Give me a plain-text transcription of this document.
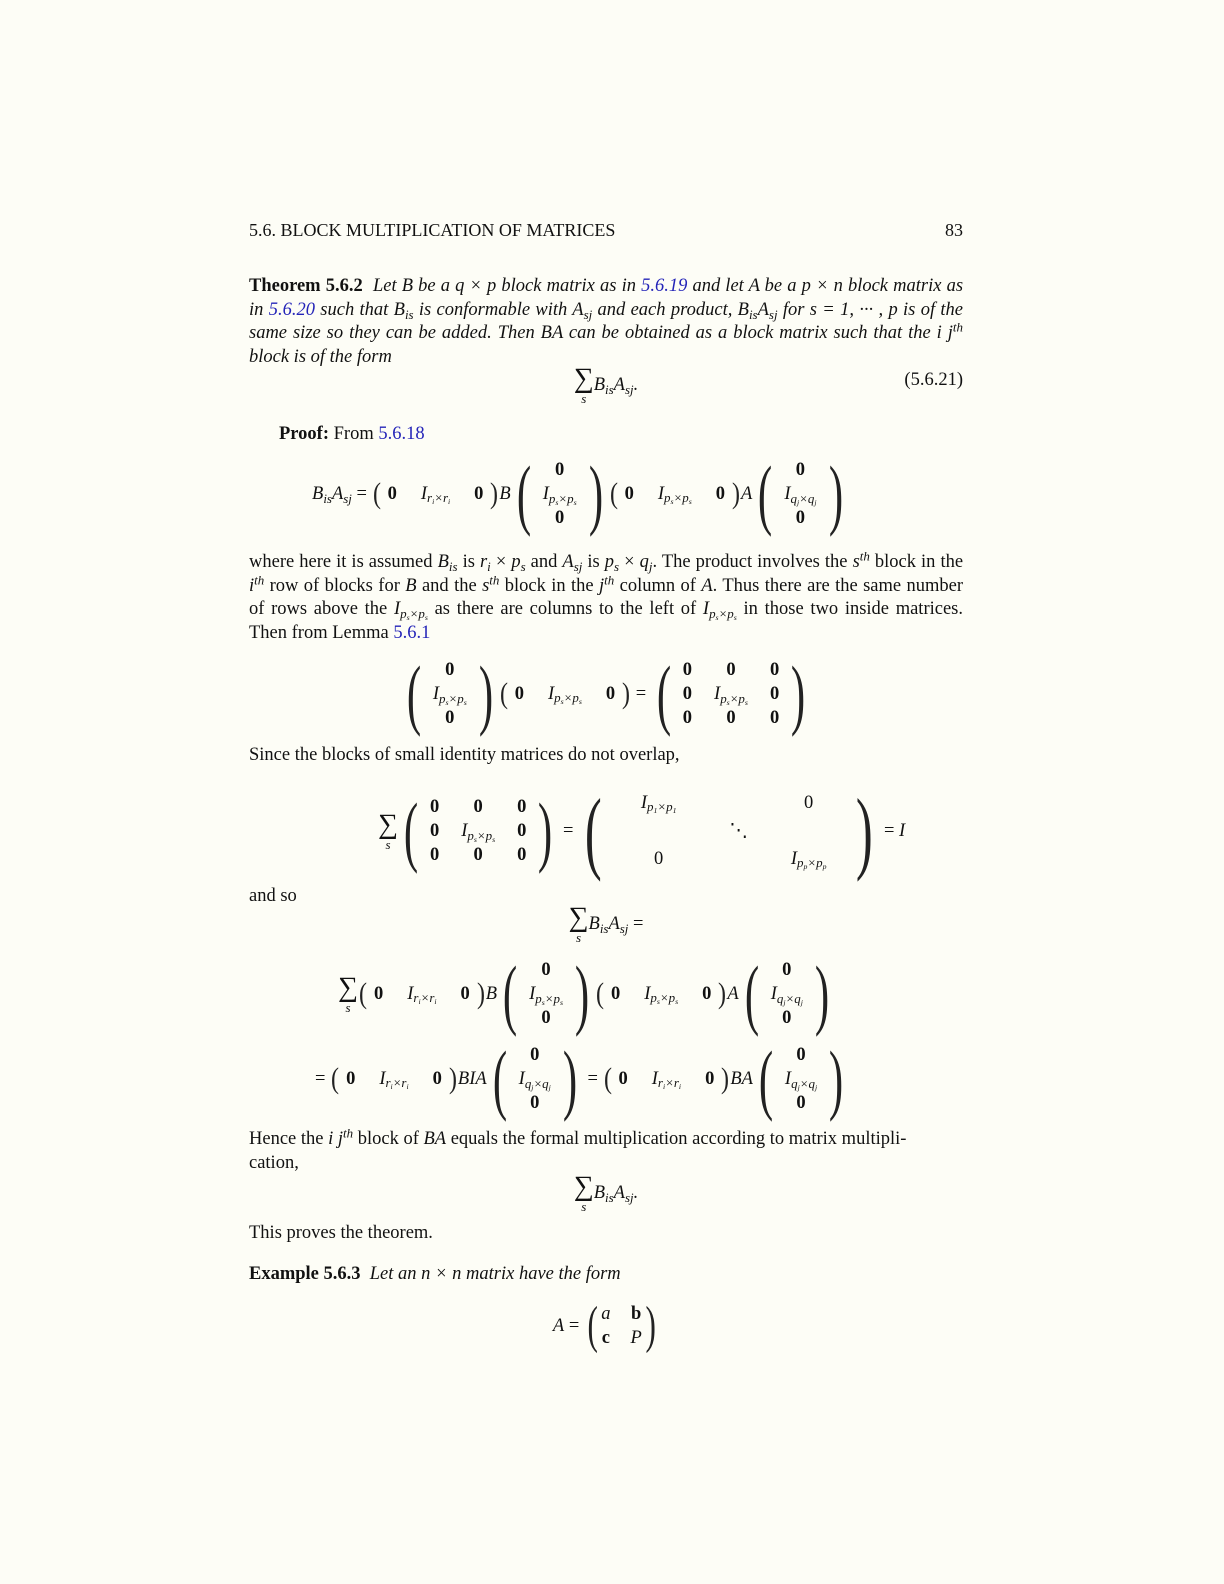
5.6. BLOCK MULTIPLICATION OF MATRICES	83
Theorem 5.6.2 Let B be a q × p block matrix as in 5.6.19 and let A be a p × n block matrix as in 5.6.20 such that $B_{is}$ is conformable with $A_{sj}$ and each product, $B_{is}A_{sj}$ for s = 1, ··· , p is of the same size so they can be added. Then BA can be obtained as a block matrix such that the i $j^{th}$ block is of the form
∑
s
$B_{is}A_{sj}$.	(5.6.21)
Proof: From 5.6.18
$B_{is}A_{sj}$ = ( 0 $I_{ri\times ri}$ 0 ) B ( 0
$I_{ps\times ps}$
0 ) ( 0 $I_{ps\times ps}$ 0 ) A ( 0
$I_{qj\times qj}$
0 )
where here it is assumed $B_{is}$ is $r_i \times p_s$ and $A_{sj}$ is $p_s \times q_j$. The product involves the $s^{th}$ block in the $i^{th}$ row of blocks for B and the $s^{th}$ block in the $j^{th}$ column of A. Thus there are the same number of rows above the $I_{ps\times ps}$ as there are columns to the left of $I_{ps\times ps}$ in those two inside matrices. Then from Lemma 5.6.1
( 0
$I_{ps\times ps}$
0 ) ( 0 $I_{ps\times ps}$ 0 ) = ( 0 0 0
0 $I_{ps\times ps}$ 0
0 0 0 )
Since the blocks of small identity matrices do not overlap,
∑
s ( 0 0 0
0 $I_{ps\times ps}$ 0
0 0 0 ) = ( $I_{p1\times p1}$	0
⋱
0	$I_{pp\times pp}$ ) = I
and so
∑
s
$B_{is}A_{sj}$ =
∑
s ( 0 $I_{ri\times ri}$ 0 ) B ( 0
$I_{ps\times ps}$
0 ) ( 0 $I_{ps\times ps}$ 0 ) A ( 0
$I_{qj\times qj}$
0 )
= ( 0 $I_{ri\times ri}$ 0 ) BIA ( 0
$I_{qj\times qj}$
0 ) = ( 0 $I_{ri\times ri}$ 0 ) BA ( 0
$I_{qj\times qj}$
0 )
Hence the i $j^{th}$ block of BA equals the formal multiplication according to matrix multipli-
cation,
∑
s
$B_{is}A_{sj}$.
This proves the theorem.
Example 5.6.3 Let an n × n matrix have the form
A = ( a b
c P )
